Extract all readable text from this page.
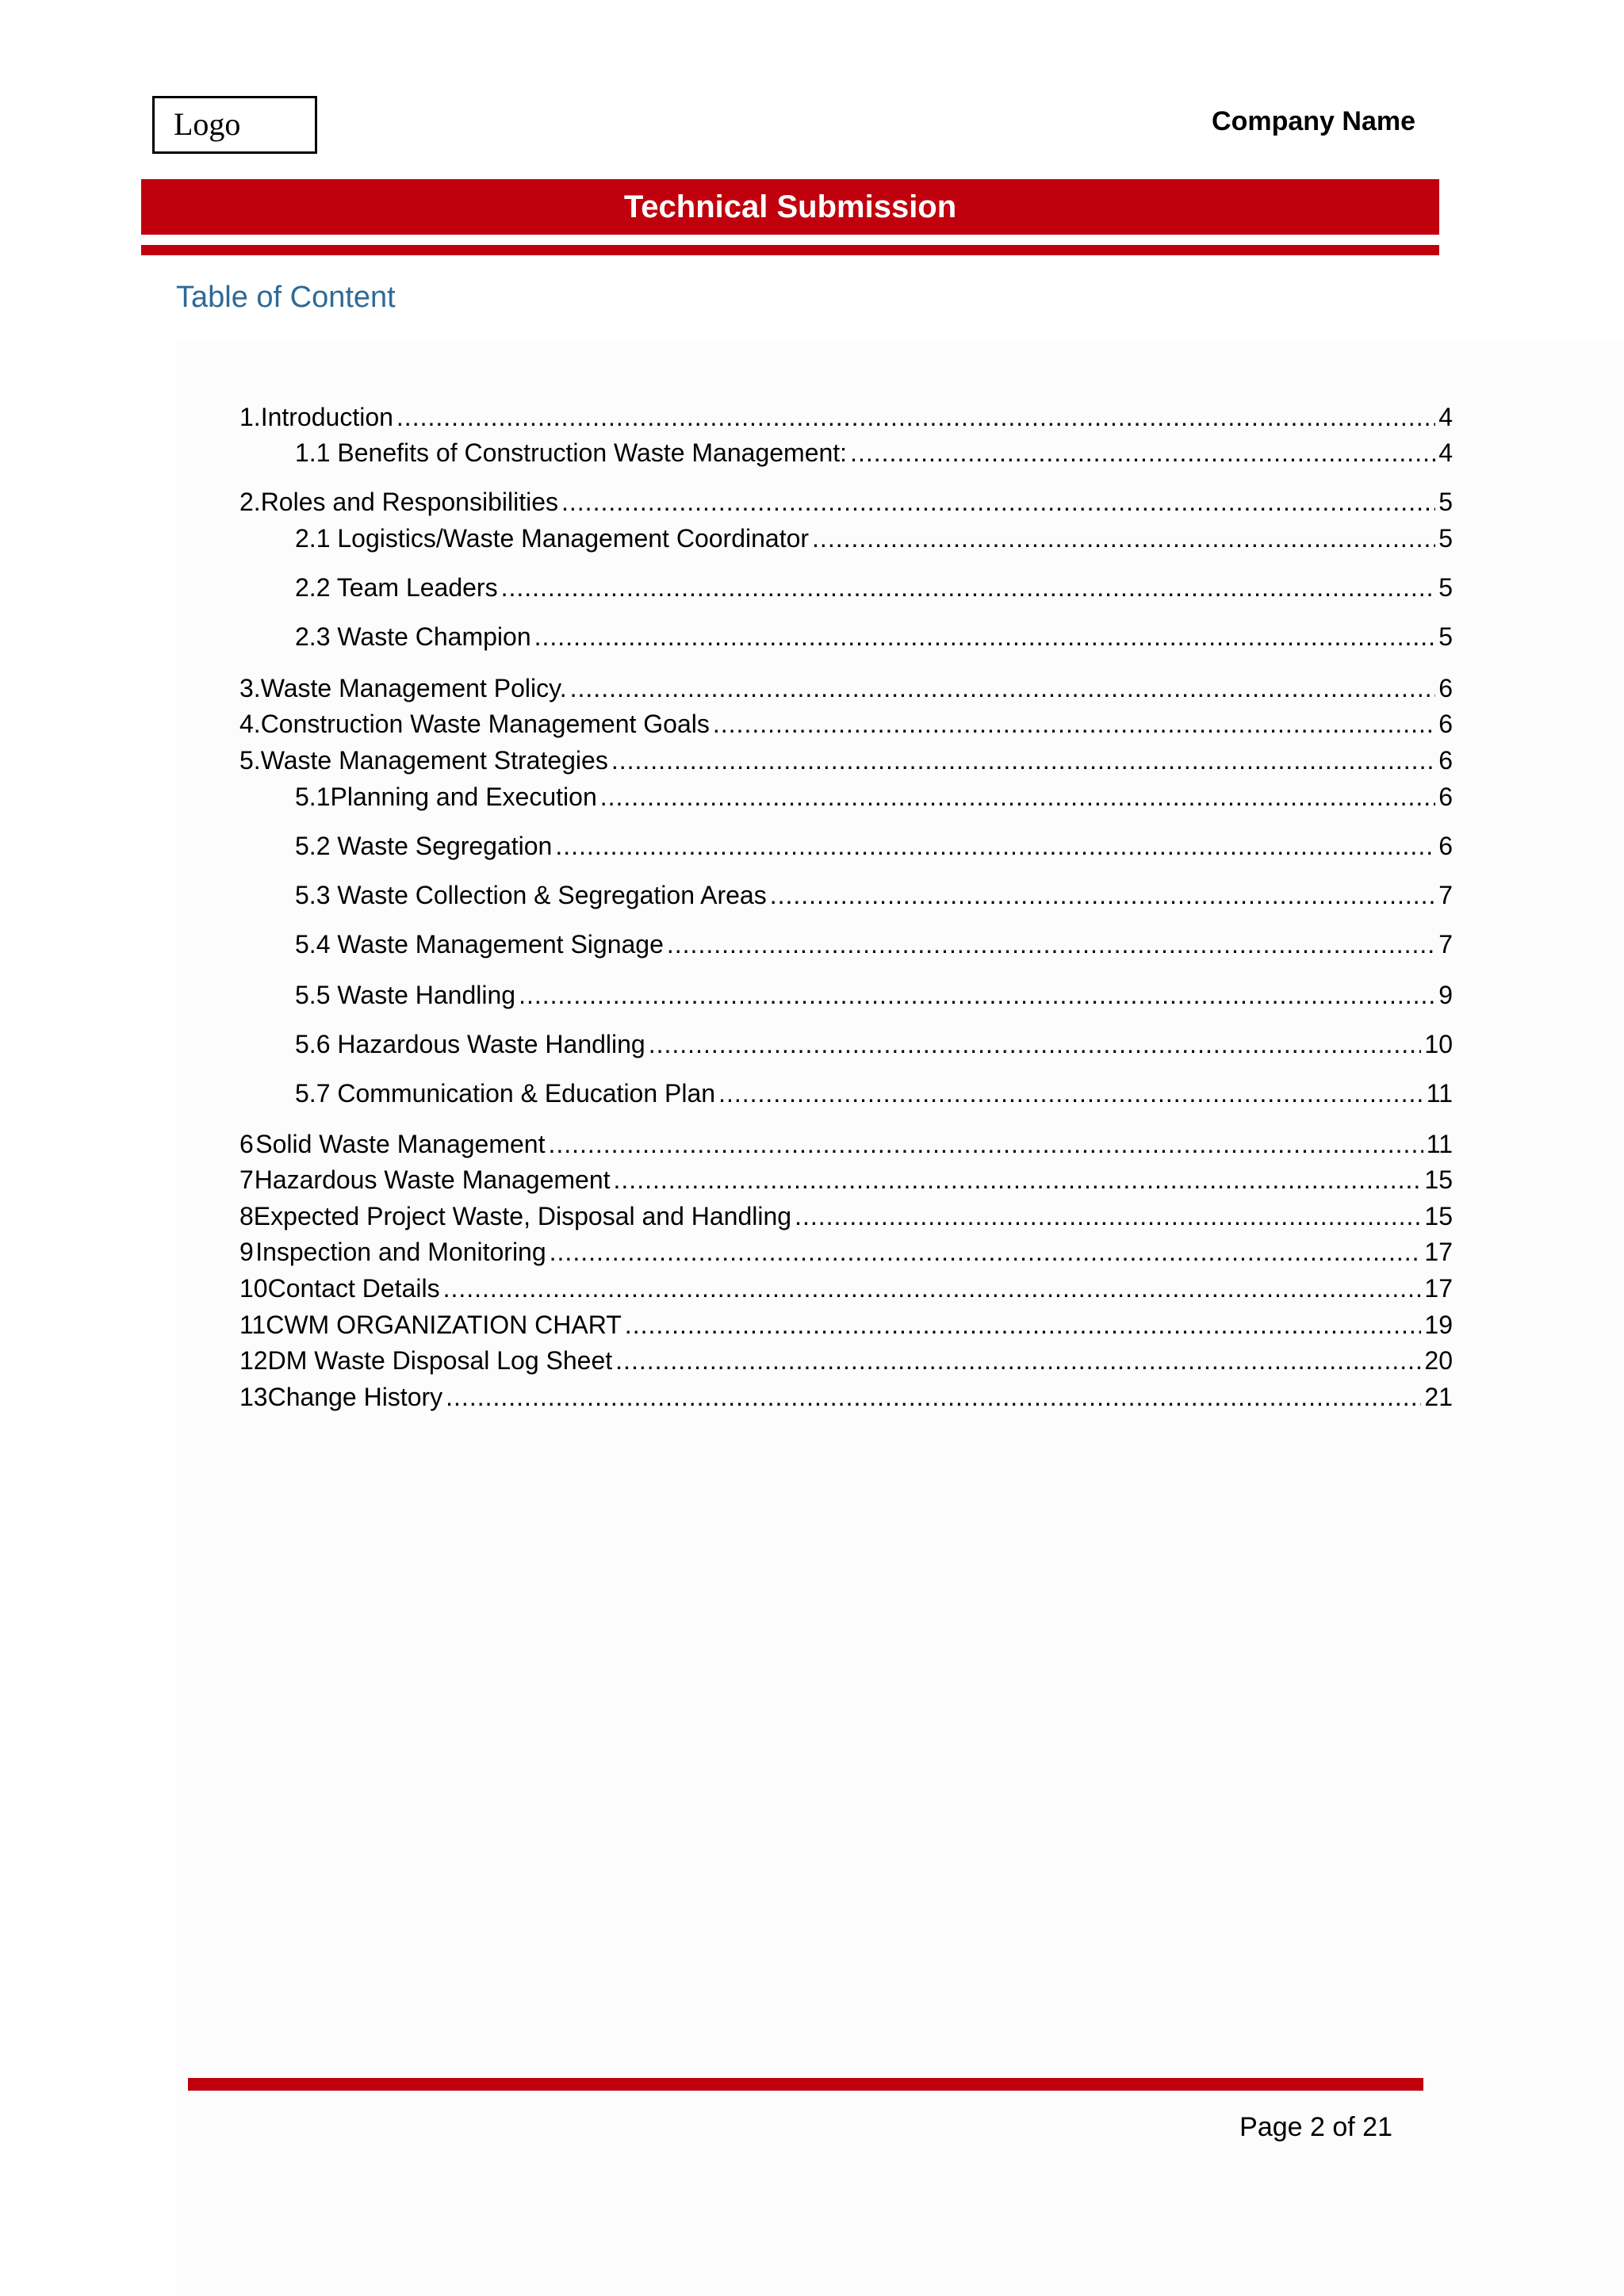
Logo	Company Name
Technical Submission
Table of Content
1. Introduction .....	4
1.1 Benefits of Construction Waste Management: .....	4
2. Roles and Responsibilities .....	5
2.1 Logistics/Waste Management Coordinator .....	5
2.2 Team Leaders .....	5
2.3 Waste Champion .....	5
3. Waste Management Policy. .....	6
4. Construction Waste Management Goals .....	6
5. Waste Management Strategies .....	6
5.1 Planning and Execution .....	6
5.2 Waste Segregation .....	6
5.3 Waste Collection & Segregation Areas .....	7
5.4 Waste Management Signage .....	7
5.5 Waste Handling .....	9
5.6 Hazardous Waste Handling .....	10
5.7 Communication & Education Plan .....	11
6 Solid Waste Management .....	11
7 Hazardous Waste Management .....	15
8 Expected Project Waste, Disposal and Handling .....	15
9 Inspection and Monitoring .....	17
10 Contact Details .....	17
11 CWM ORGANIZATION CHART .....	19
12 DM Waste Disposal Log Sheet .....	20
13 Change History .....	21
Page 2 of 21
